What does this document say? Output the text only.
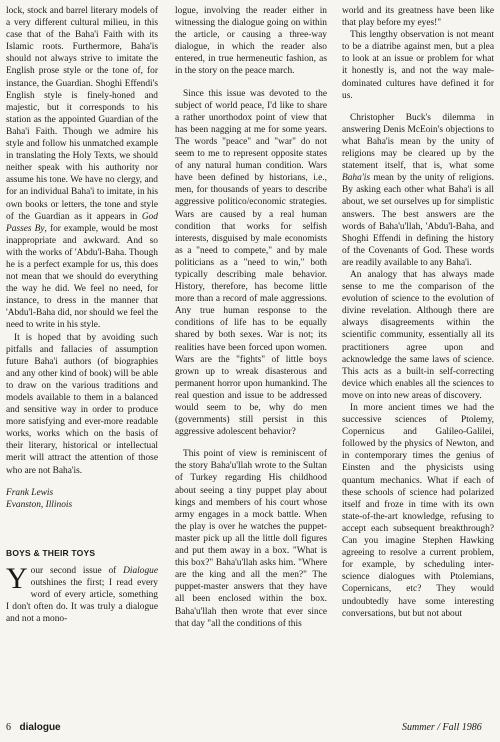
lock, stock and barrel literary models of a very different cultural milieu, in this case that of the Baha'i Faith with its Islamic roots. Furthermore, Baha'is should not always strive to imitate the English prose style or the tone of, for instance, the Guardian. Shoghi Effendi's English style is finely-honed and majestic, but it corresponds to his station as the appointed Guardian of the Baha'i Faith. Though we admire his style and follow his unmatched example in translating the Holy Texts, we should neither speak with his authority nor assume his tone. We have no clergy, and for an individual Baha'i to imitate, in his own books or letters, the tone and style of the Guardian as it appears in God Passes By, for example, would be most inappropriate and awkward. And so with the works of 'Abdu'l-Baha. Though he is a perfect example for us, this does not mean that we should do everything the way he did. We feel no need, for instance, to dress in the manner that 'Abdu'l-Baha did, nor should we feel the need to write in his style.

It is hoped that by avoiding such pitfalls and fallacies of assumption future Baha'i authors (of biographies and any other kind of book) will be able to draw on the various traditions and models available to them in a balanced and sensitive way in order to produce more satisfying and ever-more readable works, works which on the basis of their literary, historical or intellectual merit will attract the attention of those who are not Baha'is.

Frank Lewis
Evanston, Illinois
BOYS & THEIR TOYS

Your second issue of Dialogue outshines the first; I read every word of every article, something I don't often do. It was truly a dialogue and not a mono-

logue, involving the reader either in witnessing the dialogue going on within the article, or causing a three-way dialogue, in which the reader also entered, in true hermeneutic fashion, as in the story on the peace march.

Since this issue was devoted to the subject of world peace, I'd like to share a rather unorthodox point of view that has been nagging at me for some years. The words "peace" and "war" do not seem to me to represent opposite states of any natural human condition. Wars have been defined by historians, i.e., men, for thousands of years to describe aggressive politico/economic strategies. Wars are caused by a real human condition that works for selfish interests, disguised by male economists as a "need to compete," and by male politicians as a "need to win," both typically describing male behavior. History, therefore, has become little more than a record of male aggressions. Any true human response to the conditions of life has to be equally shared by both sexes. War is not; its realities have been forced upon women. Wars are the "fights" of little boys grown up to wreak disasterous and permanent horror upon humankind. The real question and issue to be addressed would seem to be, why do men (governments) still persist in this aggressive adolescent behavior?

This point of view is reminiscent of the story Baha'u'llah wrote to the Sultan of Turkey regarding His childhood about seeing a tiny puppet play about kings and members of his court whose army engages in a mock battle. When the play is over he watches the puppet-master pick up all the little doll figures and put them away in a box. "What is this box?" Baha'u'llah asks him. "Where are the king and all the men?" The puppet-master answers that they have all been enclosed within the box. Baha'u'llah then wrote that ever since that day "all the conditions of this

world and its greatness have been like that play before my eyes!"

This lengthy observation is not meant to be a diatribe against men, but a plea to look at an issue or problem for what it honestly is, and not the way male-dominated cultures have defined it for us.

Christopher Buck's dilemma in answering Denis McEoin's objections to what Baha'is mean by the unity of religions may be cleared up by the statement itself, that is, what some Baha'is mean by the unity of religions. By asking each other what Baha'i is all about, we set ourselves up for simplistic answers. The best answers are the words of Baha'u'llah, 'Abdu'l-Baha, and Shoghi Effendi in defining the history of the Covenants of God. These words are readily available to any Baha'i.

An analogy that has always made sense to me the comparison of the evolution of science to the evolution of divine revelation. Although there are always disagreements within the scientific community, essentially all its practitioners agree upon and acknowledge the same laws of science. This acts as a built-in self-correcting device which enables all the sciences to move on into new areas of discovery.

In more ancient times we had the successive sciences of Ptolemy, Copernicus and Galileo-Galilei, followed by the physics of Newton, and in contemporary times the genius of Einsten and the physicists using quantum mechanics. What if each of these schools of science had polarized itself and froze in time with its own state-of-the-art knowledge, refusing to accept each subsequent breakthrough? Can you imagine Stephen Hawking agreeing to resolve a current problem, for example, by scheduling inter-science dialogues with Ptolemians, Copernicans, etc? They would undoubtedly have some interesting conversations, but but not about

6 dialogue	Summer / Fall 1986
